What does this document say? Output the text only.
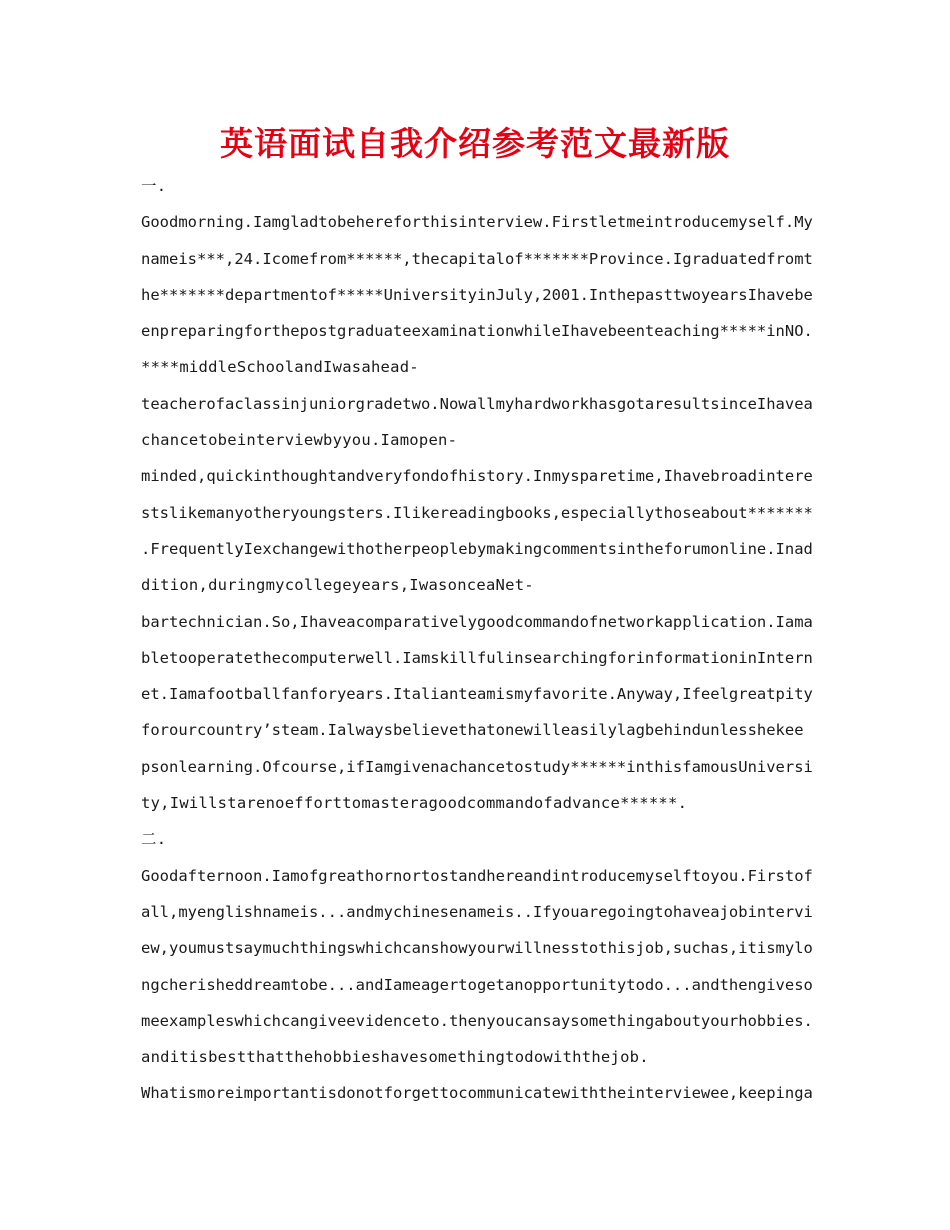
英语面试自我介绍参考范文最新版
一.
Goodmorning.Iamgladtobehereforthisinterview.Firstletmeintroducemyself.My
nameis***,24.Icomefrom******,thecapitalof*******Province.Igraduatedfromt
he*******departmentof*****UniversityinJuly,2001.InthepasttwoyearsIhavebe
enpreparingforthepostgraduateexaminationwhileIhavebeenteaching*****inNO.
****middleSchoolandIwasahead-
teacherofaclassinjuniorgradetwo.NowallmyhardworkhasgotaresultsinceIhavea
chancetobeinterviewbyyou.Iamopen-
minded,quickinthoughtandveryfondofhistory.Inmysparetime,Ihavebroadintere
stslikemanyotheryoungsters.Ilikereadingbooks,especiallythoseabout*******
.FrequentlyIexchangewithotherpeoplebymakingcommentsintheforumonline.Inad
dition,duringmycollegeyears,IwasonceaNet-
bartechnician.So,Ihaveacomparativelygoodcommandofnetworkapplication.Iama
bletooperatethecomputerwell.IamskillfulinsearchingforinformationinIntern
et.Iamafootballfanforyears.Italianteamismyfavorite.Anyway,Ifeelgreatpity
forourcountry’steam.Ialwaysbelievethatonewilleasilylagbehindunlesshekee
psonlearning.Ofcourse,ifIamgivenachancetostudy******inthisfamousUniversi
ty,Iwillstarenoefforttomasteragoodcommandofadvance******.
二.
Goodafternoon.Iamofgreathornortostandhereandintroducemyselftoyou.Firstof
all,myenglishnameis...andmychinesenameis..Ifyouaregoingtohaveajobintervi
ew,youmustsaymuchthingswhichcanshowyourwillnesstothisjob,suchas,itismylo
ngcherisheddreamtobe...andIameagertogetanopportunitytodo...andthengiveso
meexampleswhichcangiveevidenceto.thenyoucansaysomethingaboutyourhobbies.
anditisbestthatthehobbieshavesomethingtodowiththejob.
Whatismoreimportantisdonotforgettocommunicatewiththeinterviewee,keepinga
